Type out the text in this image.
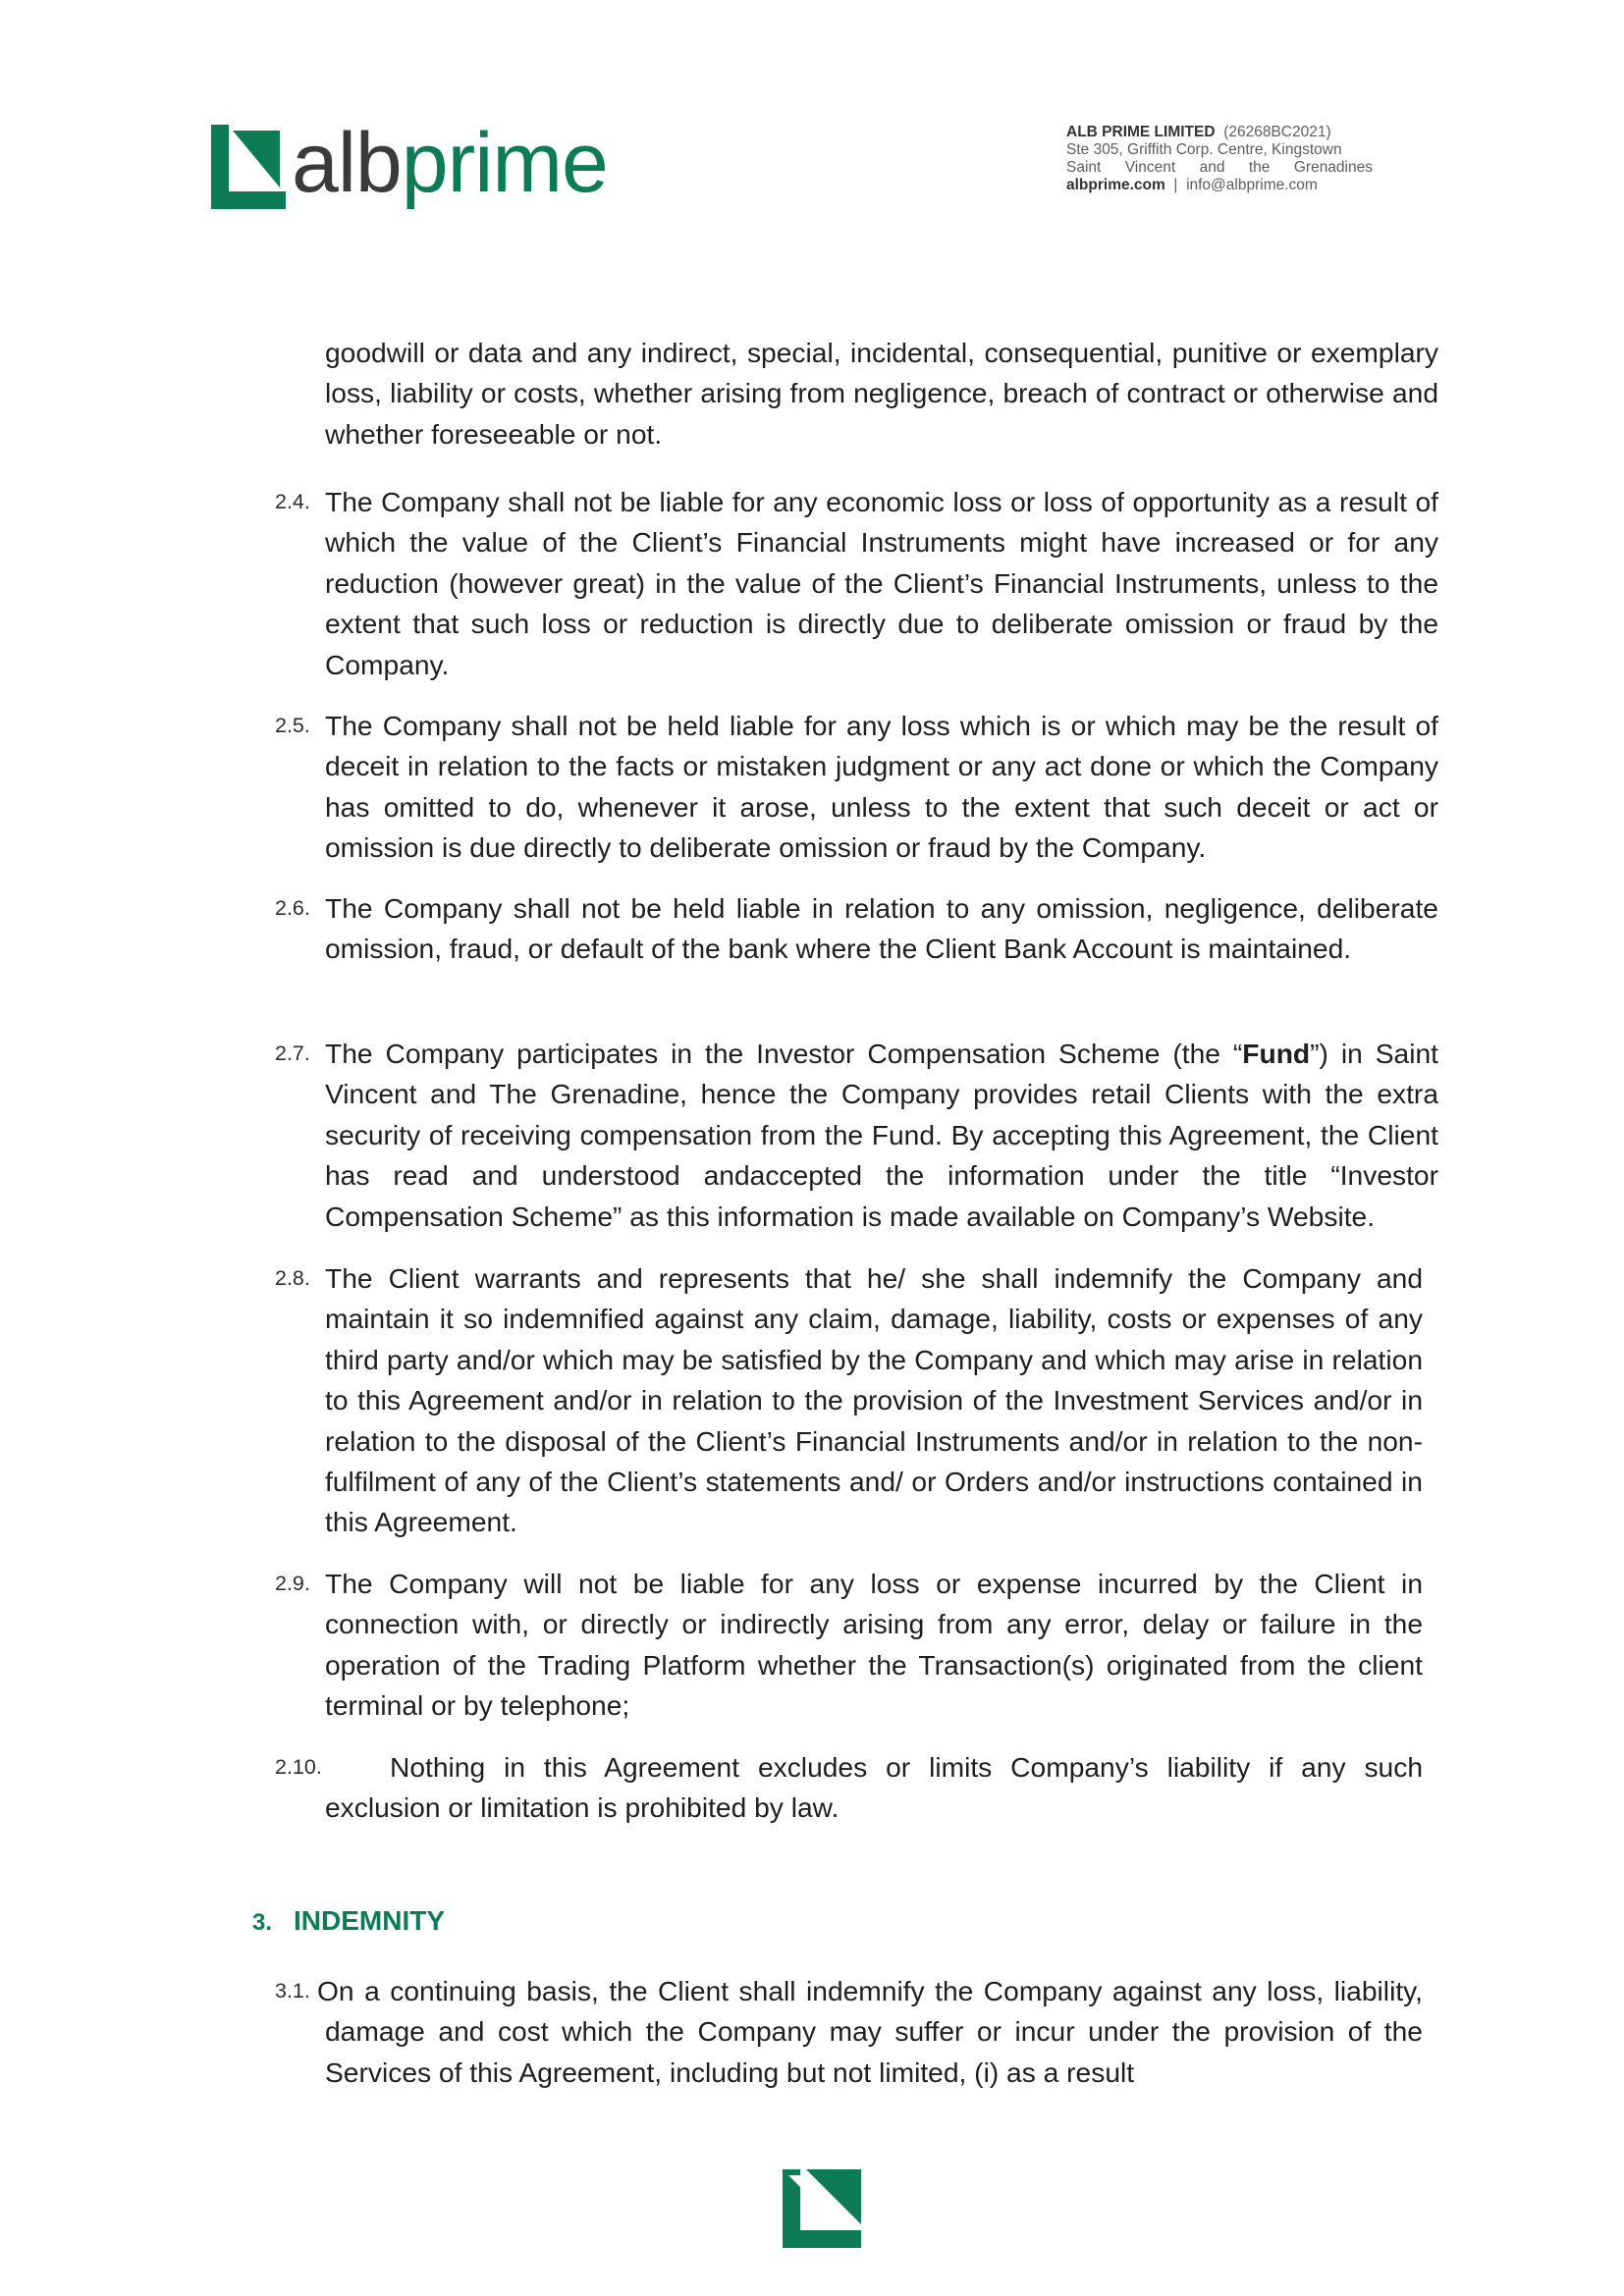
albprime	ALB PRIME LIMITED (26268BC2021)
Ste 305, Griffith Corp. Centre, Kingstown
Saint Vincent and the Grenadines
albprime.com | info@albprime.com
goodwill or data and any indirect, special, incidental, consequential, punitive or exemplary loss, liability or costs, whether arising from negligence, breach of contract or otherwise and whether foreseeable or not.
2.4. The Company shall not be liable for any economic loss or loss of opportunity as a result of which the value of the Client’s Financial Instruments might have increased or for any reduction (however great) in the value of the Client’s Financial Instruments, unless to the extent that such loss or reduction is directly due to deliberate omission or fraud by the Company.
2.5. The Company shall not be held liable for any loss which is or which may be the result of deceit in relation to the facts or mistaken judgment or any act done or which the Company has omitted to do, whenever it arose, unless to the extent that such deceit or act or omission is due directly to deliberate omission or fraud by the Company.
2.6. The Company shall not be held liable in relation to any omission, negligence, deliberate omission, fraud, or default of the bank where the Client Bank Account is maintained.
2.7. The Company participates in the Investor Compensation Scheme (the “Fund”) in Saint Vincent and The Grenadine, hence the Company provides retail Clients with the extra security of receiving compensation from the Fund. By accepting this Agreement, the Client has read and understood andaccepted the information under the title “Investor Compensation Scheme” as this information is made available on Company’s Website.
2.8. The Client warrants and represents that he/ she shall indemnify the Company and maintain it so indemnified against any claim, damage, liability, costs or expenses of any third party and/or which may be satisfied by the Company and which may arise in relation to this Agreement and/or in relation to the provision of the Investment Services and/or in relation to the disposal of the Client’s Financial Instruments and/or in relation to the non-fulfilment of any of the Client’s statements and/ or Orders and/or instructions contained in this Agreement.
2.9. The Company will not be liable for any loss or expense incurred by the Client in connection with, or directly or indirectly arising from any error, delay or failure in the operation of the Trading Platform whether the Transaction(s) originated from the client terminal or by telephone;
2.10.	Nothing in this Agreement excludes or limits Company’s liability if any such exclusion or limitation is prohibited by law.
3. INDEMNITY
3.1. On a continuing basis, the Client shall indemnify the Company against any loss, liability, damage and cost which the Company may suffer or incur under the provision of the Services of this Agreement, including but not limited, (i) as a result
